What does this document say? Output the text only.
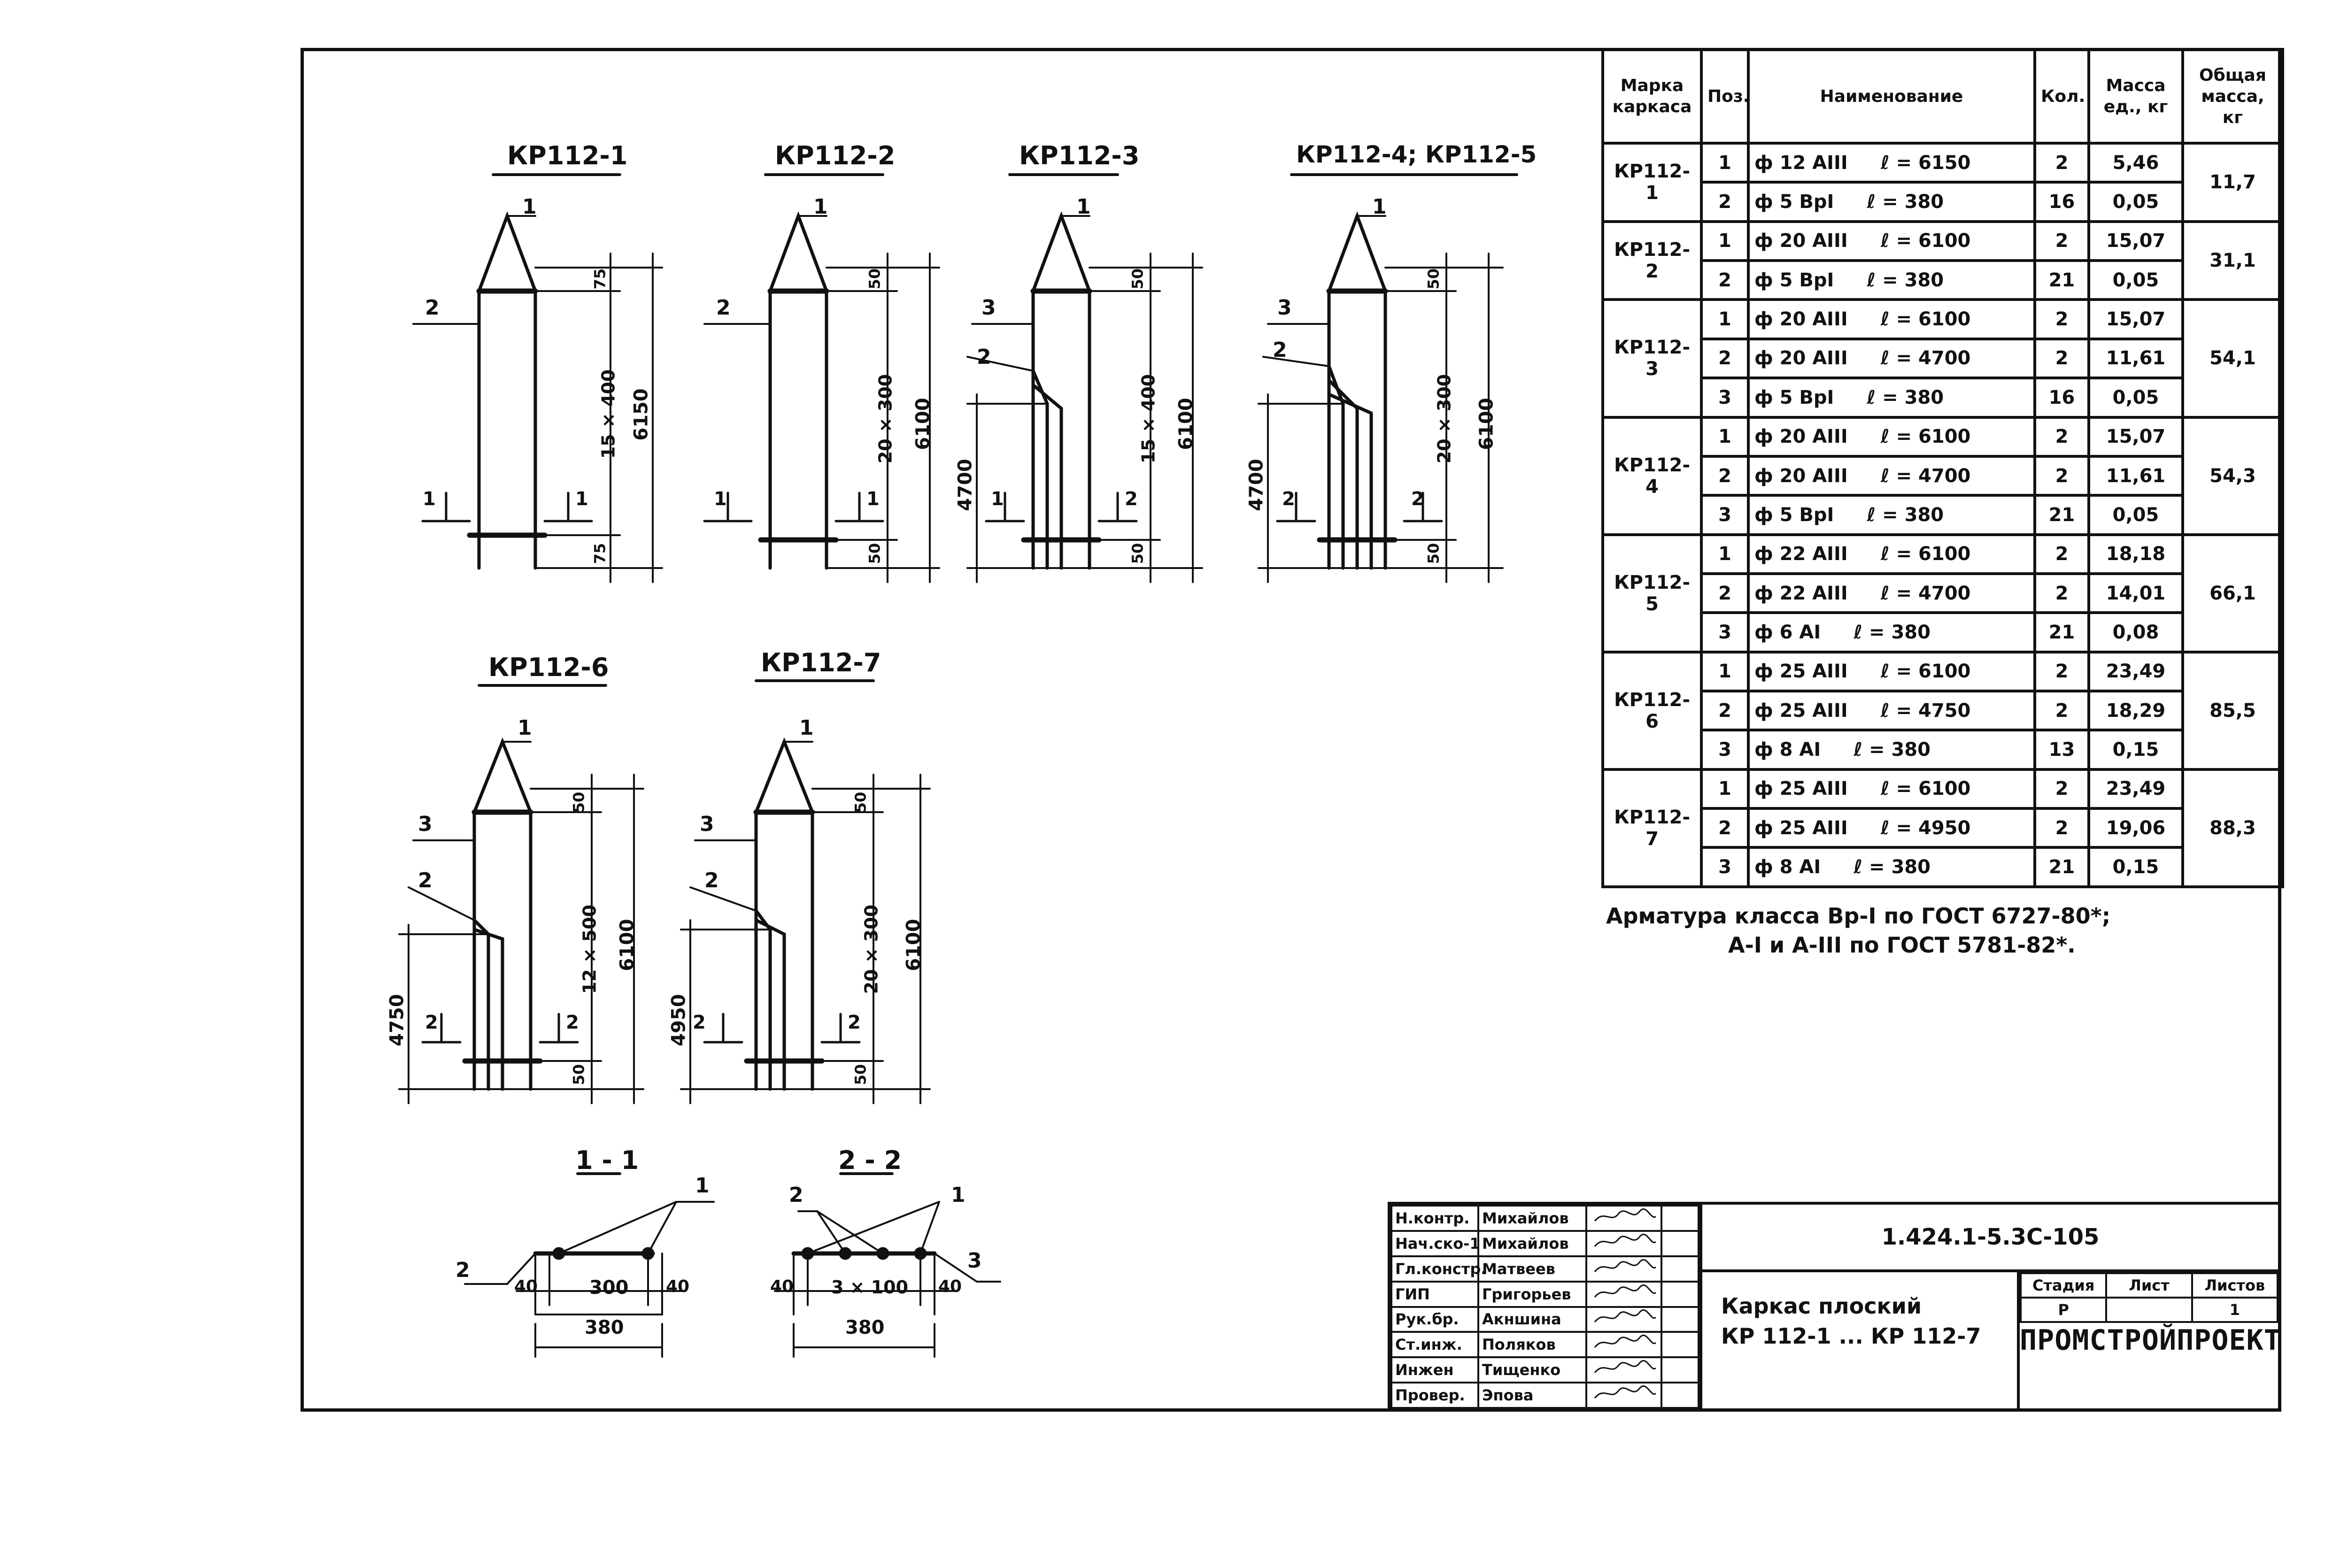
КР112-1	КР112-2	КР112-3	КР112-4; КР112-5
КР112-6	КР112-7
1
2
75
15 × 400
75
6150
1	1
1
2
50
20 × 300
50
6100
1	1
1
2
3
50
15 × 400
50
6100
4700 1	2
1
2
3
50
20 × 300
50
6100
4700 2	2
1
2
3
50
12 × 500
50
6100
4750 2	2
1
2
3
50
20 × 300
50
6100
4950 2	2
1 - 1
1
2
40	300 40
380
2 - 2
2	1
3
40 3 × 100 40
380
Марка каркаса	Поз.	Наименование	Кол.	Масса ед., кг	Общая масса, кг
КР112-1	1	ф 12 АIII ℓ = 6150	2	5,46	11,7
	2	ф 5 ВрI ℓ = 380	16	0,05	
КР112-2	1	ф 20 АIII ℓ = 6100	2	15,07	31,1
	2	ф 5 ВрI ℓ = 380	21	0,05	
КР112-3	1	ф 20 АIII ℓ = 6100	2	15,07	54,1
	2	ф 20 АIII ℓ = 4700	2	11,61	
	3	ф 5 ВрI ℓ = 380	16	0,05	
КР112-4	1	ф 20 АIII ℓ = 6100	2	15,07	54,3
	2	ф 20 АIII ℓ = 4700	2	11,61	
	3	ф 5 ВрI ℓ = 380	21	0,05	
КР112-5	1	ф 22 АIII ℓ = 6100	2	18,18	66,1
	2	ф 22 АIII ℓ = 4700	2	14,01	
	3	ф 6 АI ℓ = 380	21	0,08	
КР112-6	1	ф 25 АIII ℓ = 6100	2	23,49	85,5
	2	ф 25 АIII ℓ = 4750	2	18,29	
	3	ф 8 АI ℓ = 380	13	0,15	
КР112-7	1	ф 25 АIII ℓ = 6100	2	23,49	88,3
	2	ф 25 АIII ℓ = 4950	2	19,06	
	3	ф 8 АI ℓ = 380	21	0,15	
Арматура класса Вр-I по ГОСТ 6727-80*;
А-I и А-III по ГОСТ 5781-82*.
Н.контр.	Михайлов		
Нач.ско-1	Михайлов		
Гл.констр.	Матвеев		
ГИП	Григорьев		
Рук.бр.	Акншина		
Ст.инж.	Поляков		
Инжен	Тищенко		
Провер.	Эпова		
1.424.1-5.3С-105
Каркас плоский
КР 112-1 ... КР 112-7
Стадия	Лист	Листов
Р		1
ПРОМСТРОЙПРОЕКТ
